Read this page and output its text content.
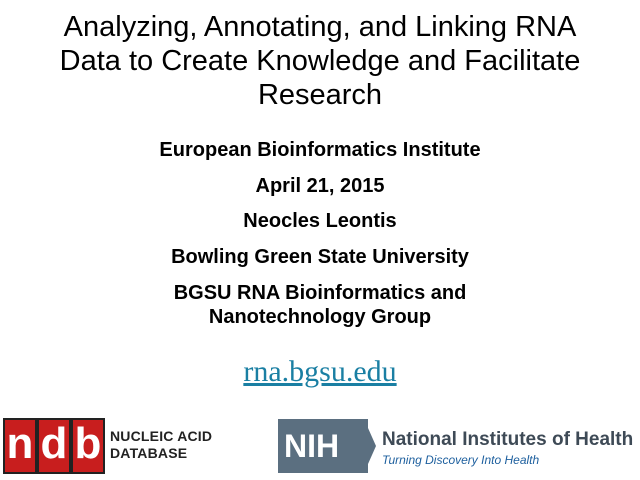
Analyzing, Annotating, and Linking RNA
Data to Create Knowledge and Facilitate
Research
European Bioinformatics Institute
April 21, 2015
Neocles Leontis
Bowling Green State University
BGSU RNA Bioinformatics and
Nanotechnology Group
rna.bgsu.edu
n d b NUCLEIC ACID
DATABASE	NIH	National Institutes of Health
Turning Discovery Into Health
